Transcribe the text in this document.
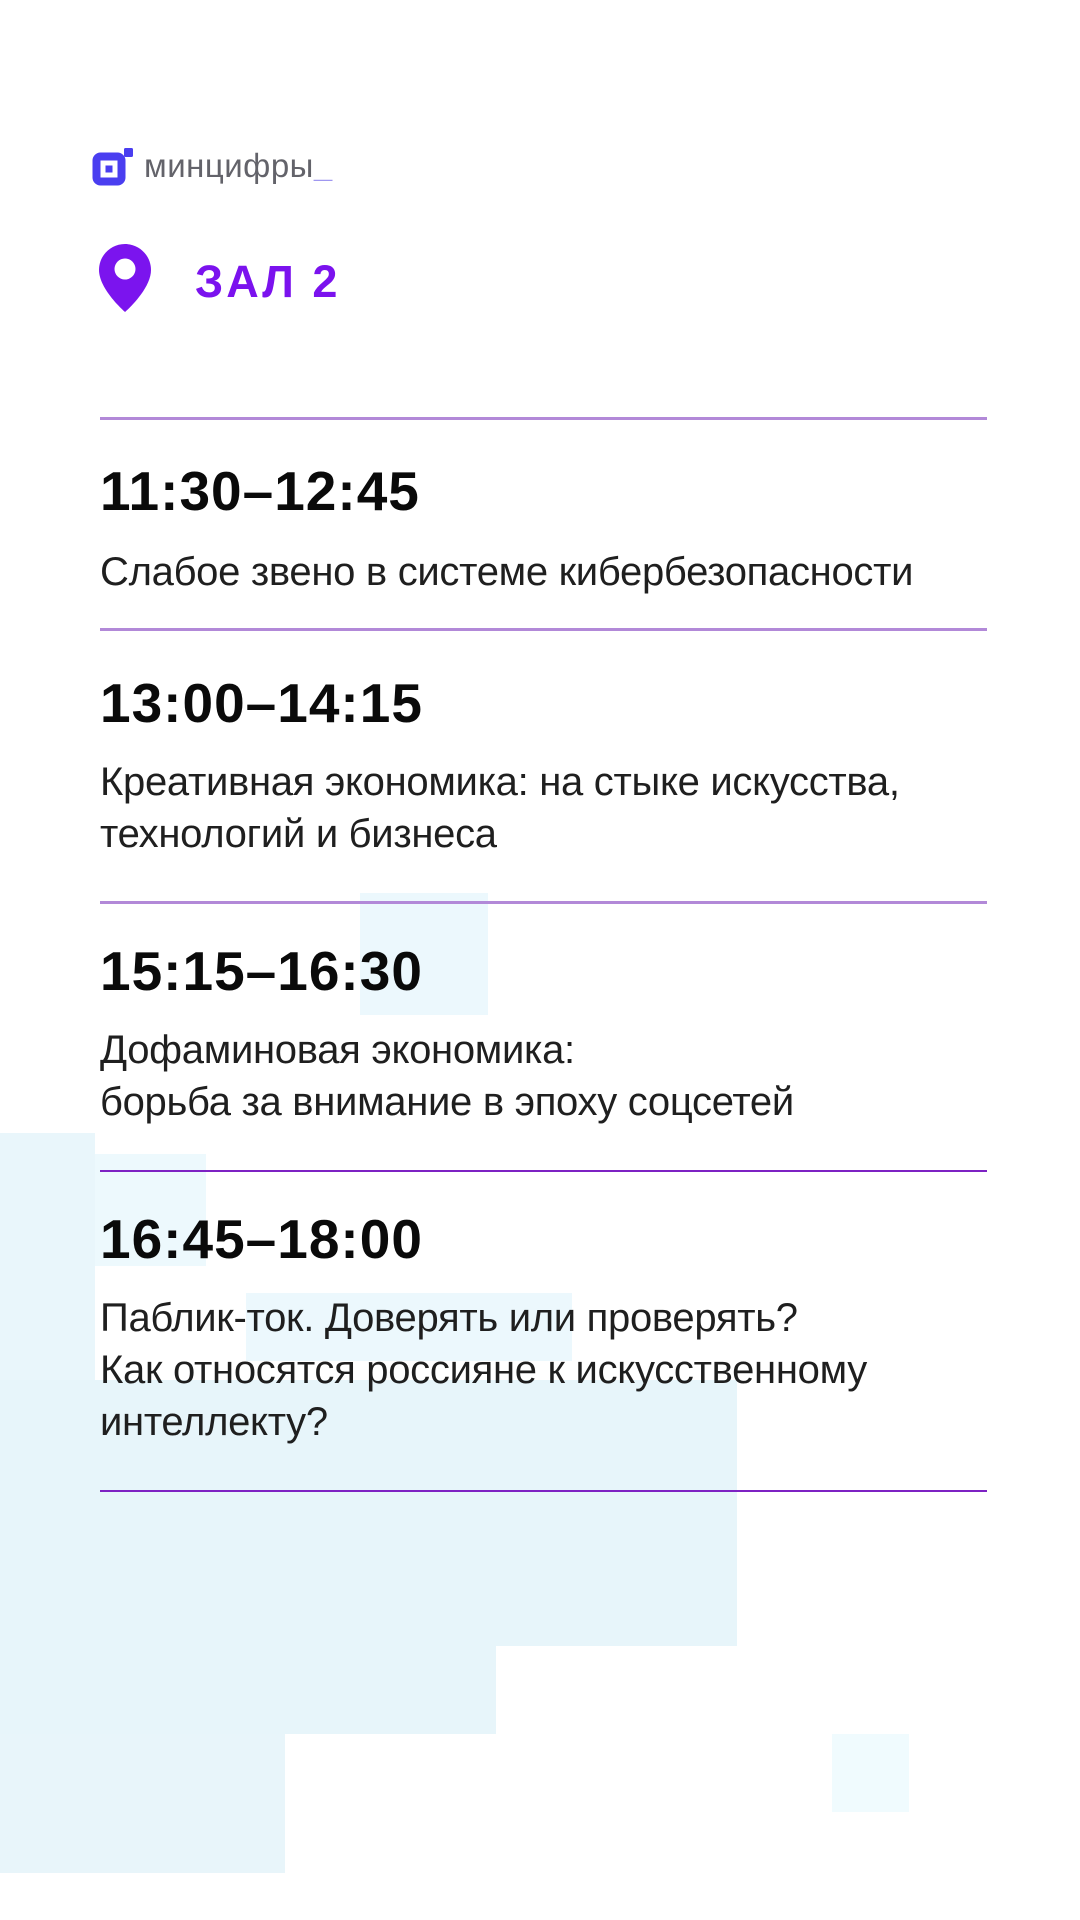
минцифры_
ЗАЛ 2
11:30–12:45
Слабое звено в системе кибербезопасности
13:00–14:15
Креативная экономика: на стыке искусства,
технологий и бизнеса
15:15–16:30
Дофаминовая экономика:
борьба за внимание в эпоху соцсетей
16:45–18:00
Паблик-ток. Доверять или проверять?
Как относятся россияне к искусственному
интеллекту?
